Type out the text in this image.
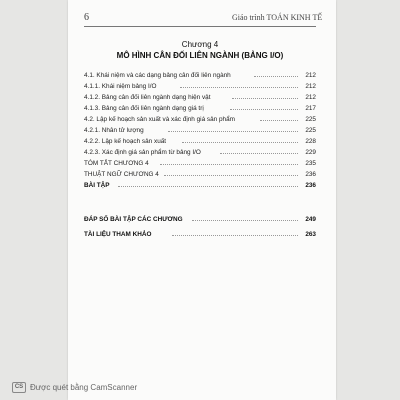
6	Giáo trình TOÁN KINH TẾ
Chương 4
MÔ HÌNH CÂN ĐỐI LIÊN NGÀNH (BẢNG I/O)
4.1. Khái niệm và các dạng bảng cân đối liên ngành	212
4.1.1. Khái niệm bảng I/O	212
4.1.2. Bảng cân đối liên ngành dạng hiện vật	212
4.1.3. Bảng cân đối liên ngành dạng giá trị	217
4.2. Lập kế hoạch sản xuất và xác định giá sản phẩm	225
4.2.1. Nhân tử lượng	225
4.2.2. Lập kế hoạch sản xuất	228
4.2.3. Xác định giá sản phẩm từ bảng I/O	229
TÓM TẮT CHƯƠNG 4	235
THUẬT NGỮ CHƯƠNG 4	236
BÀI TẬP	236
ĐÁP SỐ BÀI TẬP CÁC CHƯƠNG	249
TÀI LIỆU THAM KHẢO	263
CS Được quét bằng CamScanner
